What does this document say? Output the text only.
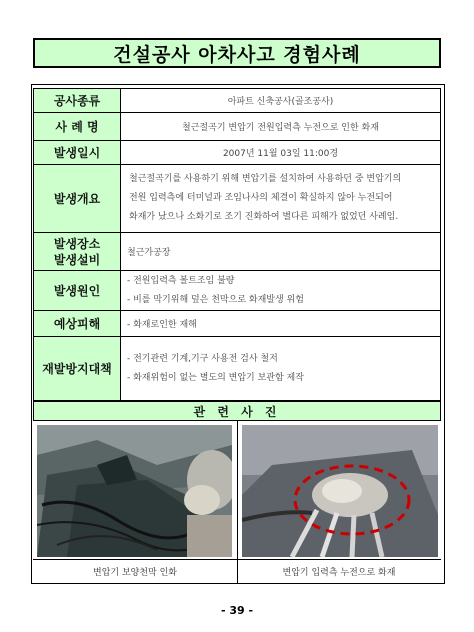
건설공사 아차사고 경험사례
공사종류	아파트 신축공사(골조공사)
사 례 명	철근절곡기 변압기 전원입력측 누전으로 인한 화재
발생일시	2007년 11월 03일 11:00경
발생개요	철근절곡기를 사용하기 위해 변압기를 설치하여 사용하던 중 변압기의
전원 입력측에 터미널과 조임나사의 체결이 확실하지 않아 누전되어
화재가 났으나 소화기로 조기 진화하여 별다른 피해가 없었던 사례임.

발생장소
발생설비	철근가공장
발생원인	- 전원입력측 볼트조임 불량
- 비를 막기위해 덮은 천막으로 화재발생 위험

예상피해	- 화재로인한 재해
재발방지대책	- 전기관련 기계,기구 사용전 검사 철저
- 화재위험이 없는 별도의 변압기 보관함 제작
관 련 사 진
변압기 보양천막 인화	변압기 입력측 누전으로 화재
- 39 -
